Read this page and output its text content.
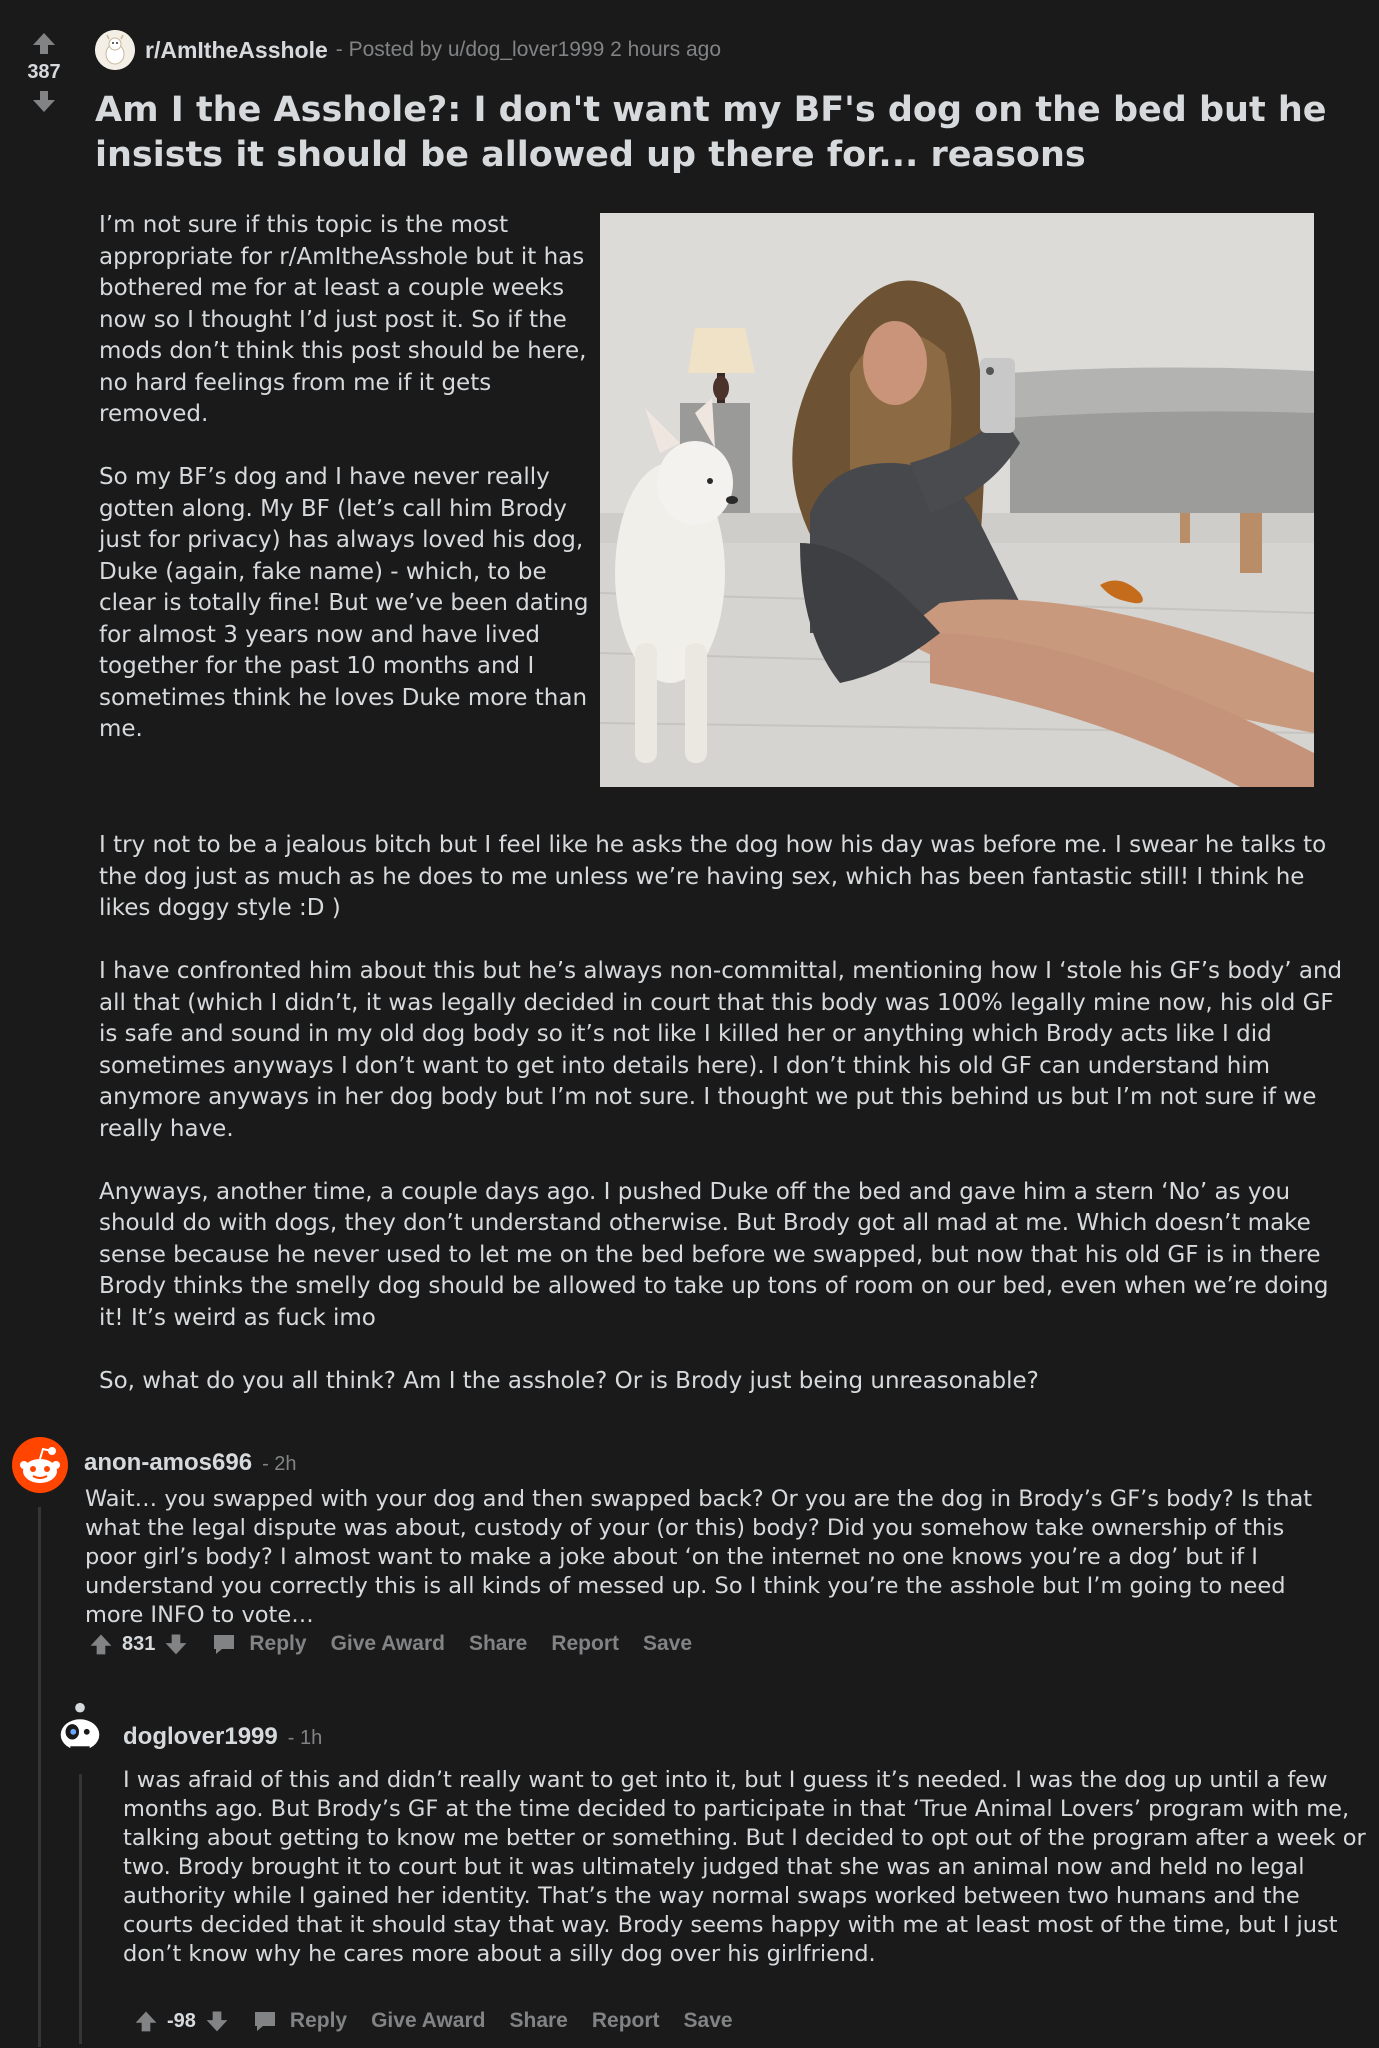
387
r/AmItheAsshole - Posted by u/dog_lover1999 2 hours ago
Am I the Asshole?: I don't want my BF's dog on the bed but he insists it should be allowed up there for... reasons

I’m not sure if this topic is the most appropriate for r/AmItheAsshole but it has bothered me for at least a couple weeks now so I thought I’d just post it. So if the mods don’t think this post should be here, no hard feelings from me if it gets removed.

So my BF’s dog and I have never really gotten along. My BF (let’s call him Brody just for privacy) has always loved his dog, Duke (again, fake name) - which, to be clear is totally fine! But we’ve been dating for almost 3 years now and have lived together for the past 10 months and I sometimes think he loves Duke more than me.

I try not to be a jealous bitch but I feel like he asks the dog how his day was before me. I swear he talks to the dog just as much as he does to me unless we’re having sex, which has been fantastic still! I think he likes doggy style :D )

I have confronted him about this but he’s always non-committal, mentioning how I ‘stole his GF’s body’ and all that (which I didn’t, it was legally decided in court that this body was 100% legally mine now, his old GF is safe and sound in my old dog body so it’s not like I killed her or anything which Brody acts like I did sometimes anyways I don’t want to get into details here). I don’t think his old GF can understand him anymore anyways in her dog body but I’m not sure. I thought we put this behind us but I’m not sure if we really have.

Anyways, another time, a couple days ago. I pushed Duke off the bed and gave him a stern ‘No’ as you should do with dogs, they don’t understand otherwise. But Brody got all mad at me. Which doesn’t make sense because he never used to let me on the bed before we swapped, but now that his old GF is in there Brody thinks the smelly dog should be allowed to take up tons of room on our bed, even when we’re doing it! It’s weird as fuck imo

So, what do you all think? Am I the asshole? Or is Brody just being unreasonable?

anon-amos696 - 2h

Wait… you swapped with your dog and then swapped back? Or you are the dog in Brody’s GF’s body? Is that what the legal dispute was about, custody of your (or this) body? Did you somehow take ownership of this poor girl’s body? I almost want to make a joke about ‘on the internet no one knows you’re a dog’ but if I understand you correctly this is all kinds of messed up. So I think you’re the asshole but I’m going to need more INFO to vote…

831	Reply Give Award Share Report Save
doglover1999 - 1h

I was afraid of this and didn’t really want to get into it, but I guess it’s needed. I was the dog up until a few months ago. But Brody’s GF at the time decided to participate in that ‘True Animal Lovers’ program with me, talking about getting to know me better or something. But I decided to opt out of the program after a week or two. Brody brought it to court but it was ultimately judged that she was an animal now and held no legal authority while I gained her identity. That’s the way normal swaps worked between two humans and the courts decided that it should stay that way. Brody seems happy with me at least most of the time, but I just don’t know why he cares more about a silly dog over his girlfriend.

-98	Reply Give Award Share Report Save
